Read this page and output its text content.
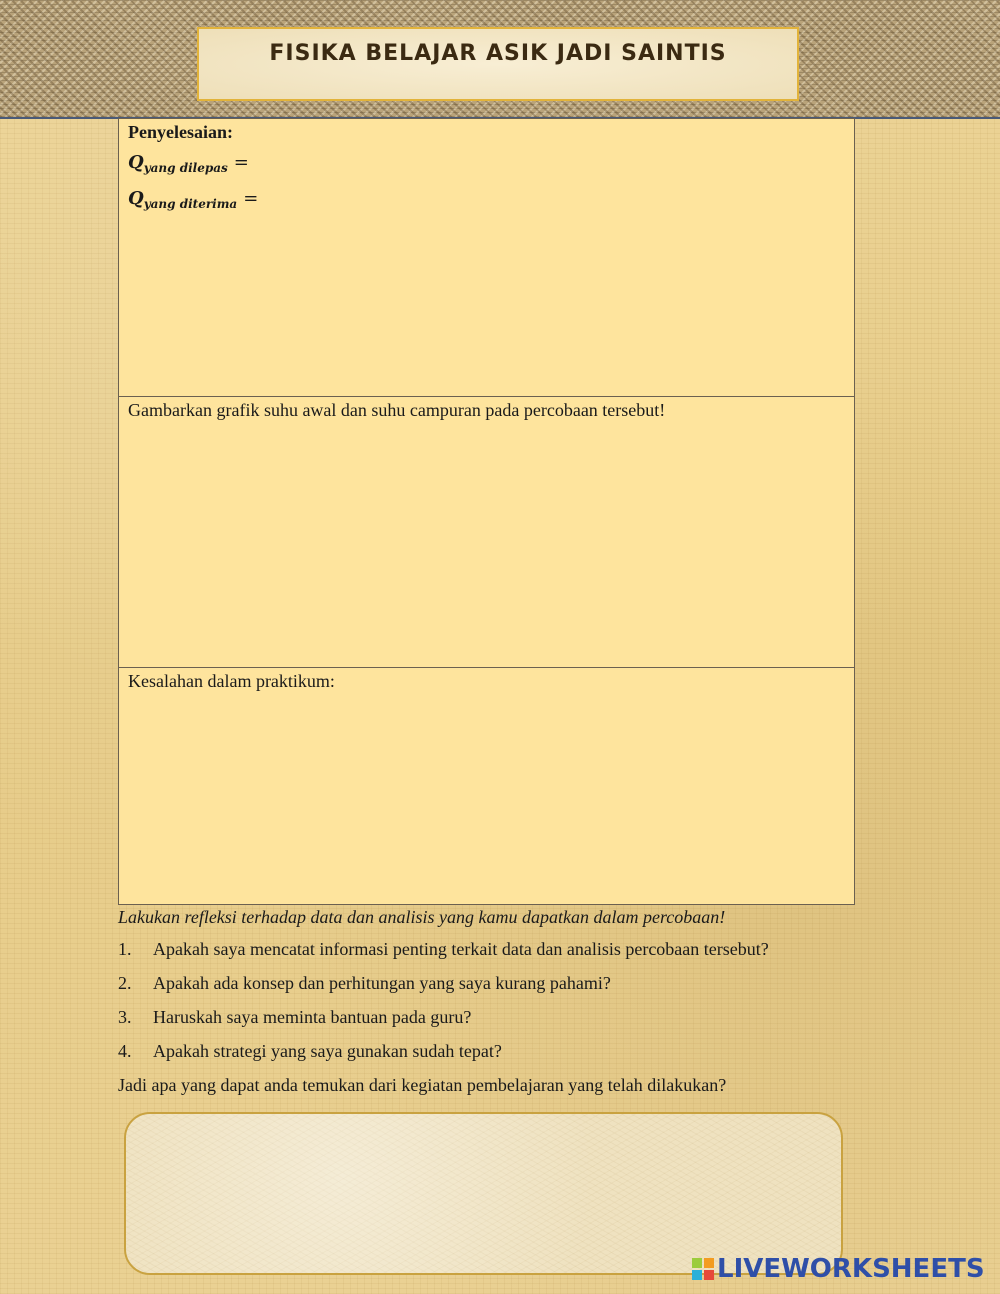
FISIKA BELAJAR ASIK JADI SAINTIS
Penyelesaian:
$Q_{yang dilepas}$ =
$Q_{yang diterima}$ =
Gambarkan grafik suhu awal dan suhu campuran pada percobaan tersebut!
Kesalahan dalam praktikum:

Lakukan refleksi terhadap data dan analisis yang kamu dapatkan dalam percobaan!

1.	Apakah saya mencatat informasi penting terkait data dan analisis percobaan tersebut?
2.	Apakah ada konsep dan perhitungan yang saya kurang pahami?
3.	Haruskah saya meminta bantuan pada guru?
4.	Apakah strategi yang saya gunakan sudah tepat?

Jadi apa yang dapat anda temukan dari kegiatan pembelajaran yang telah dilakukan?

LIVEWORKSHEETS
